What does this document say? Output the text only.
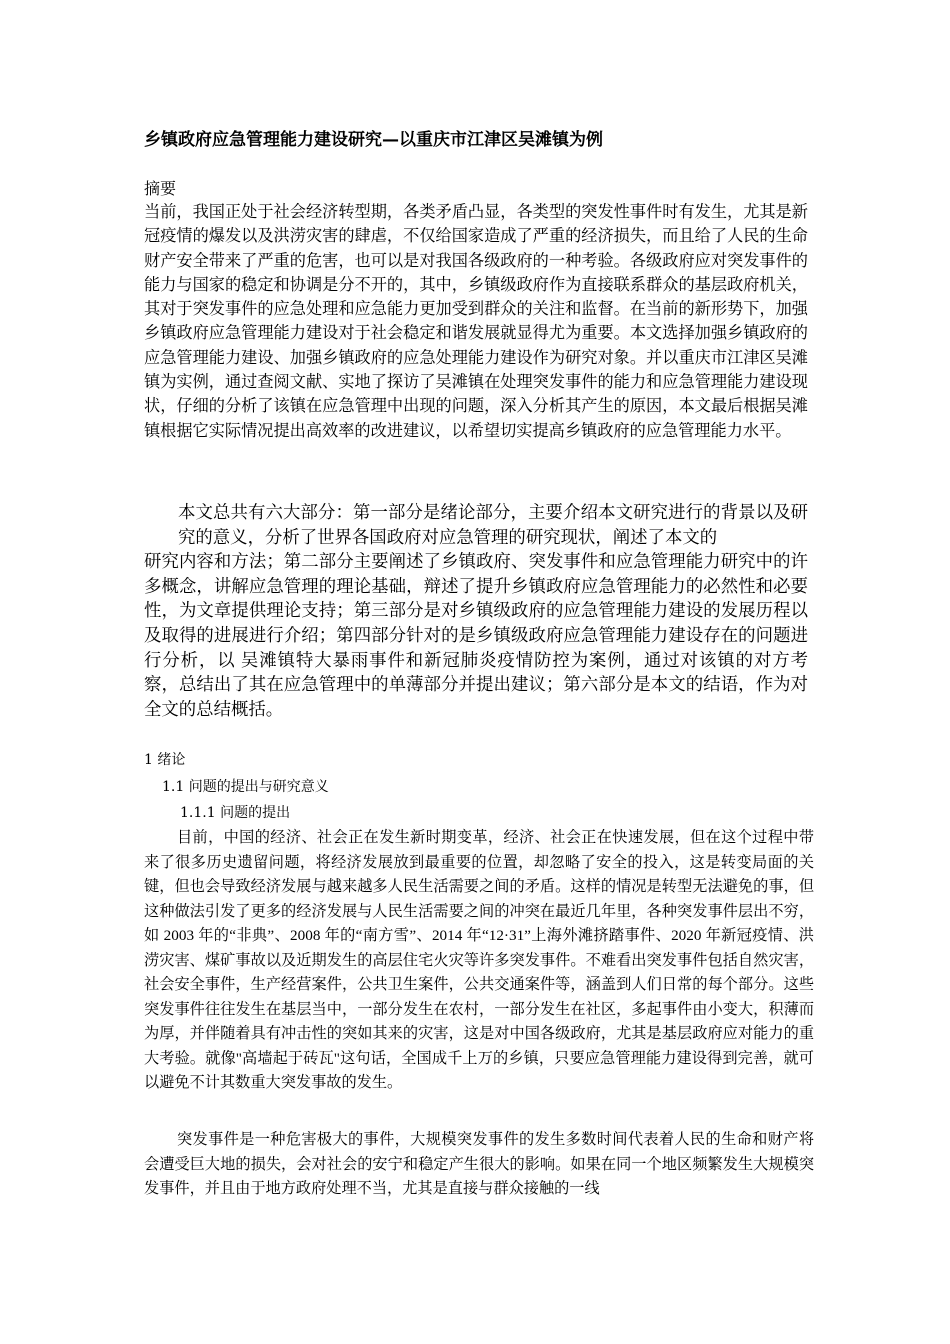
乡镇政府应急管理能力建设研究—以重庆市江津区吴滩镇为例
摘要

当前，我国正处于社会经济转型期，各类矛盾凸显，各类型的突发性事件时有发生，尤其是新冠疫情的爆发以及洪涝灾害的肆虐，不仅给国家造成了严重的经济损失，而且给了人民的生命财产安全带来了严重的危害，也可以是对我国各级政府的一种考验。各级政府应对突发事件的能力与国家的稳定和协调是分不开的，其中，乡镇级政府作为直接联系群众的基层政府机关，其对于突发事件的应急处理和应急能力更加受到群众的关注和监督。在当前的新形势下，加强乡镇政府应急管理能力建设对于社会稳定和谐发展就显得尤为重要。本文选择加强乡镇政府的应急管理能力建设、加强乡镇政府的应急处理能力建设作为研究对象。并以重庆市江津区吴滩镇为实例，通过查阅文献、实地了探访了吴滩镇在处理突发事件的能力和应急管理能力建设现状，仔细的分析了该镇在应急管理中出现的问题，深入分析其产生的原因，本文最后根据吴滩镇根据它实际情况提出高效率的改进建议，以希望切实提高乡镇政府的应急管理能力水平。

本文总共有六大部分：第一部分是绪论部分，主要介绍本文研究进行的背景以及研究的意义，分析了世界各国政府对应急管理的研究现状，阐述了本文的
研究内容和方法；第二部分主要阐述了乡镇政府、突发事件和应急管理能力研究中的许多概念，讲解应急管理的理论基础，辩述了提升乡镇政府应急管理能力的必然性和必要性，为文章提供理论支持；第三部分是对乡镇级政府的应急管理能力建设的发展历程以及取得的进展进行介绍；第四部分针对的是乡镇级政府应急管理能力建设存在的问题进行分析，以 吴滩镇特大暴雨事件和新冠肺炎疫情防控为案例，通过对该镇的对方考察，总结出了其在应急管理中的单薄部分并提出建议；第六部分是本文的结语，作为对全文的总结概括。
1 绪论
1.1 问题的提出与研究意义
1.1.1 问题的提出

目前，中国的经济、社会正在发生新时期变革，经济、社会正在快速发展，但在这个过程中带来了很多历史遗留问题，将经济发展放到最重要的位置，却忽略了安全的投入，这是转变局面的关键，但也会导致经济发展与越来越多人民生活需要之间的矛盾。这样的情况是转型无法避免的事，但这种做法引发了更多的经济发展与人民生活需要之间的冲突在最近几年里，各种突发事件层出不穷，如 2003 年的“非典”、2008 年的“南方雪”、2014 年“12·31”上海外滩挤踏事件、2020 年新冠疫情、洪涝灾害、煤矿事故以及近期发生的高层住宅火灾等许多突发事件。不难看出突发事件包括自然灾害，社会安全事件，生产经营案件，公共卫生案件，公共交通案件等，涵盖到人们日常的每个部分。这些突发事件往往发生在基层当中，一部分发生在农村，一部分发生在社区，多起事件由小变大，积薄而为厚，并伴随着具有冲击性的突如其来的灾害，这是对中国各级政府，尤其是基层政府应对能力的重大考验。就像"高墙起于砖瓦"这句话，全国成千上万的乡镇，只要应急管理能力建设得到完善，就可以避免不计其数重大突发事故的发生。

突发事件是一种危害极大的事件，大规模突发事件的发生多数时间代表着人民的生命和财产将会遭受巨大地的损失，会对社会的安宁和稳定产生很大的影响。如果在同一个地区频繁发生大规模突发事件，并且由于地方政府处理不当，尤其是直接与群众接触的一线
